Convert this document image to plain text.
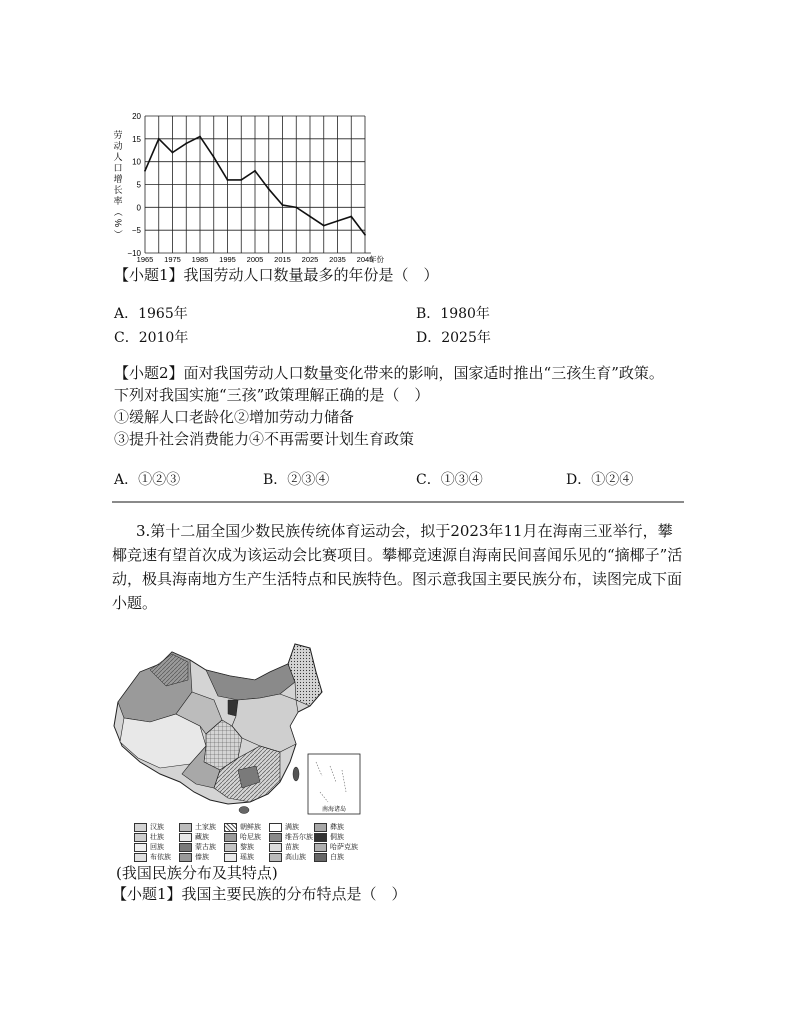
20
15
10
5
0
−5
−10
1965 1975 1985 1995 2005 2015 2025 2035 2045
年份
劳
动
人
口
增
长
率
（
%
）
【小题1】我国劳动人口数量最多的年份是（　）
A．1965年	B．1980年
C．2010年	D．2025年
【小题2】面对我国劳动人口数量变化带来的影响，国家适时推出“三孩生育”政策。
下列对我国实施“三孩”政策理解正确的是（　）
①缓解人口老龄化②增加劳动力储备
③提升社会消费能力④不再需要计划生育政策
A．①②③	B．②③④	C．①③④	D．①②④
3.第十二届全国少数民族传统体育运动会，拟于2023年11月在海南三亚举行，攀椰竞速有望首次成为该运动会比赛项目。攀椰竞速源自海南民间喜闻乐见的“摘椰子”活动，极具海南地方生产生活特点和民族特色。图示意我国主要民族分布，读图完成下面小题。
南海诸岛
汉族	土家族	朝鲜族	满族	彝族
壮族	藏族	哈尼族	维吾尔族 侗族
回族	蒙古族	黎族	苗族	哈萨克族
布依族	傣族	瑶族	高山族	白族
(我国民族分布及其特点)
【小题1】我国主要民族的分布特点是（　）
